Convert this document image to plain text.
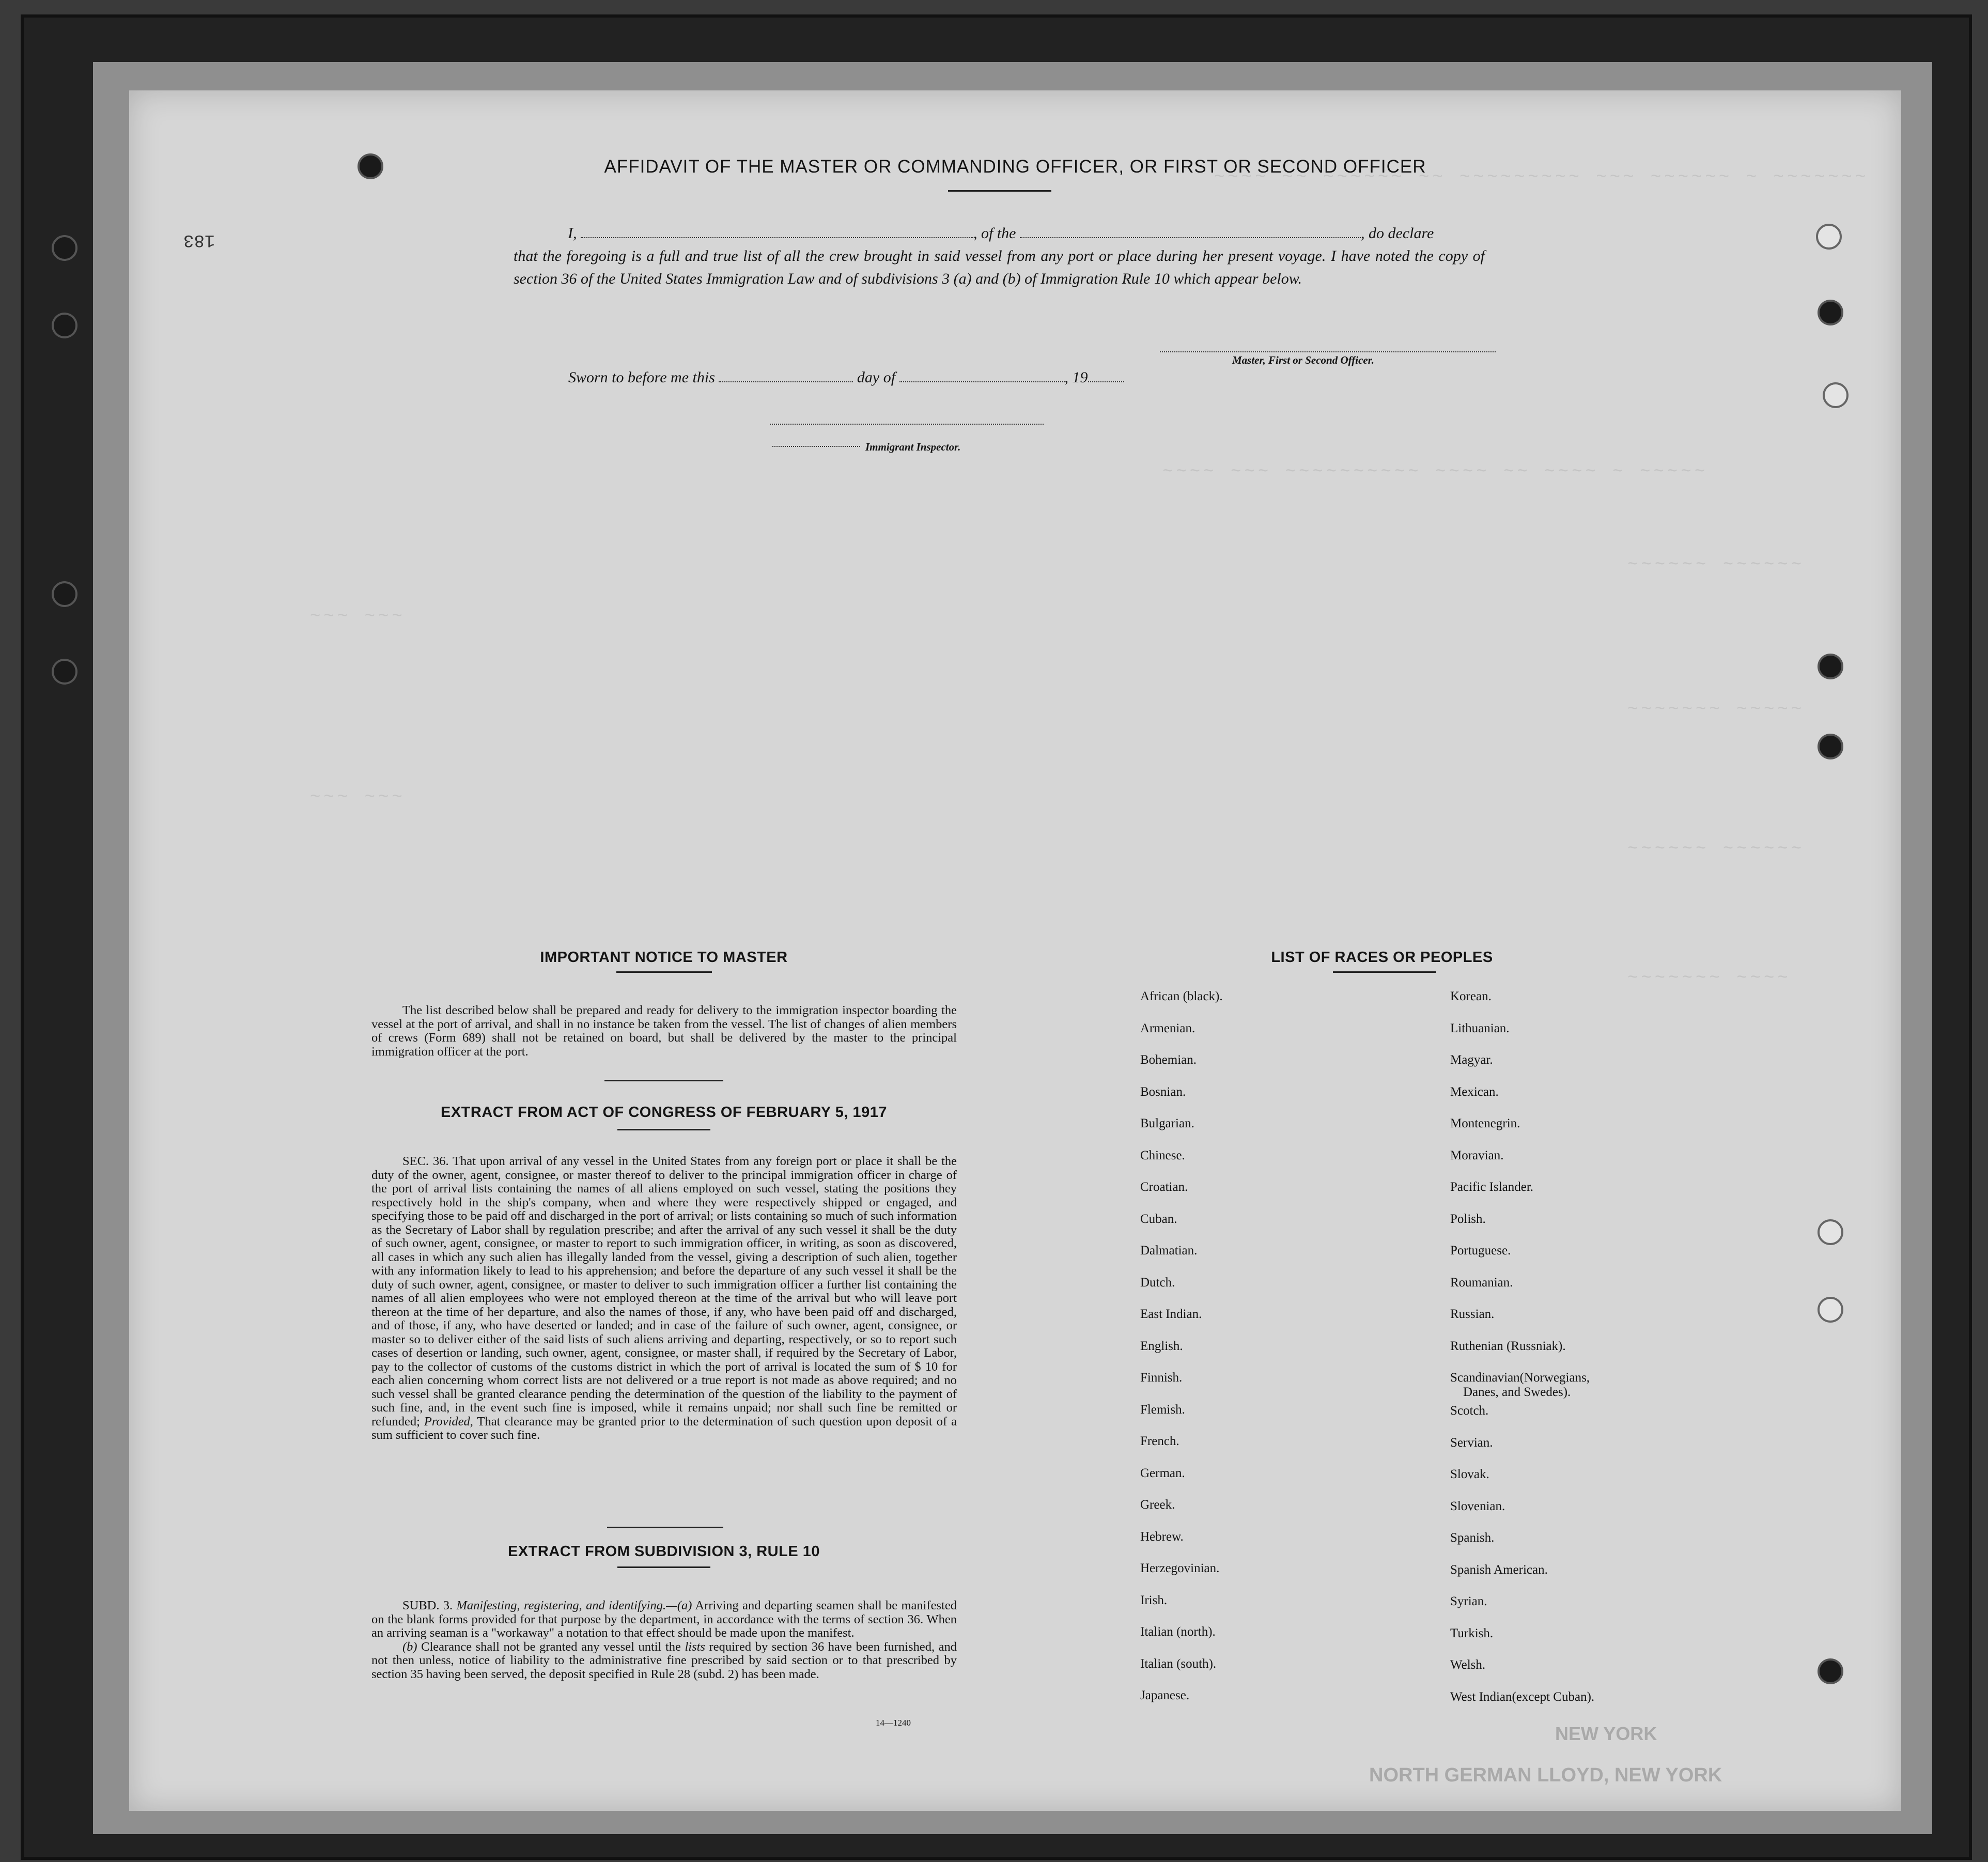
~~~~ ~~ ~~~~~~ ~~ ~~~~~~~~~ ~~~ ~~~~~~ ~ ~~~~~~~
~~~~ ~~~ ~~~~~~~~~~ ~~~~ ~~ ~~~~ ~ ~~~~~
~~~~~~ ~~~~~~
~~~~~~~ ~~~~~
~~~~~~ ~~~~~~
~~~~~~~ ~~~~
~~~ ~~~
~~~ ~~~
183
AFFIDAVIT OF THE MASTER OR COMMANDING OFFICER, OR FIRST OR SECOND OFFICER
I,	, of the	, do declare
that the foregoing is a full and true list of all the crew brought in said vessel from any port or place during her present voyage. I have noted the copy of section 36 of the United States Immigration Law and of subdivisions 3 (a) and (b) of Immigration Rule 10 which appear below.
Master, First or Second Officer.
Sworn to before me this	day of	, 19
Immigrant Inspector.
IMPORTANT NOTICE TO MASTER
The list described below shall be prepared and ready for delivery to the immigration inspector boarding the vessel at the port of arrival, and shall in no instance be taken from the vessel. The list of changes of alien members of crews (Form 689) shall not be retained on board, but shall be delivered by the master to the principal immigration officer at the port.
EXTRACT FROM ACT OF CONGRESS OF FEBRUARY 5, 1917
SEC. 36. That upon arrival of any vessel in the United States from any foreign port or place it shall be the duty of the owner, agent, consignee, or master thereof to deliver to the principal immigration officer in charge of the port of arrival lists containing the names of all aliens employed on such vessel, stating the positions they respectively hold in the ship's company, when and where they were respectively shipped or engaged, and specifying those to be paid off and discharged in the port of arrival; or lists containing so much of such information as the Secretary of Labor shall by regulation prescribe; and after the arrival of any such vessel it shall be the duty of such owner, agent, consignee, or master to report to such immigration officer, in writing, as soon as discovered, all cases in which any such alien has illegally landed from the vessel, giving a description of such alien, together with any information likely to lead to his apprehension; and before the departure of any such vessel it shall be the duty of such owner, agent, consignee, or master to deliver to such immigration officer a further list containing the names of all alien employees who were not employed thereon at the time of the arrival but who will leave port thereon at the time of her departure, and also the names of those, if any, who have been paid off and discharged, and of those, if any, who have deserted or landed; and in case of the failure of such owner, agent, consignee, or master so to deliver either of the said lists of such aliens arriving and departing, respectively, or so to report such cases of desertion or landing, such owner, agent, consignee, or master shall, if required by the Secretary of Labor, pay to the collector of customs of the customs district in which the port of arrival is located the sum of $ 10 for each alien concerning whom correct lists are not delivered or a true report is not made as above required; and no such vessel shall be granted clearance pending the determination of the question of the liability to the payment of such fine, and, in the event such fine is imposed, while it remains unpaid; nor shall such fine be remitted or refunded; Provided, That clearance may be granted prior to the determination of such question upon deposit of a sum sufficient to cover such fine.
EXTRACT FROM SUBDIVISION 3, RULE 10
SUBD. 3. Manifesting, registering, and identifying.—(a) Arriving and departing seamen shall be manifested on the blank forms provided for that purpose by the department, in accordance with the terms of section 36. When an arriving seaman is a "workaway" a notation to that effect should be made upon the manifest.
(b) Clearance shall not be granted any vessel until the lists required by section 36 have been furnished, and not then unless, notice of liability to the administrative fine prescribed by said section or to that prescribed by section 35 having been served, the deposit specified in Rule 28 (subd. 2) has been made.
14—1240
LIST OF RACES OR PEOPLES
African (black).
Armenian.
Bohemian.
Bosnian.
Bulgarian.
Chinese.
Croatian.
Cuban.
Dalmatian.
Dutch.
East Indian.
English.
Finnish.
Flemish.
French.
German.
Greek.
Hebrew.
Herzegovinian.
Irish.
Italian (north).
Italian (south).
Japanese.
Korean.
Lithuanian.
Magyar.
Mexican.
Montenegrin.
Moravian.
Pacific Islander.
Polish.
Portuguese.
Roumanian.
Russian.
Ruthenian (Russniak).
Scandinavian(Norwegians,
Danes, and Swedes).
Scotch.
Servian.
Slovak.
Slovenian.
Spanish.
Spanish American.
Syrian.
Turkish.
Welsh.
West Indian(except Cuban).
NEW YORK
NORTH GERMAN LLOYD, NEW YORK
